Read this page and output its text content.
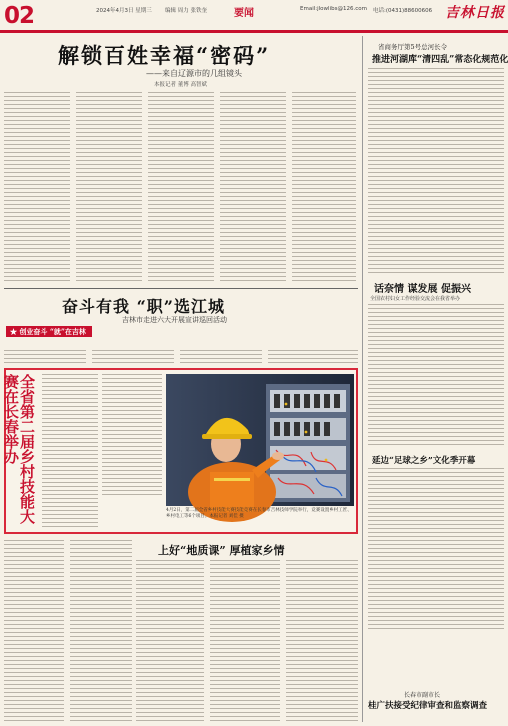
02	2024年4月3日 星期三 编辑 周力 张铁奎	要闻	Email:jlowlibs@126.com 电话:(0431)88600606 吉林日报
解锁百姓幸福“密码”
——来自辽源市的几组镜头
本报记者 董博 高智斌
省商务厅第5号总河长令
推进河湖库“清四乱”常态化规范化
奋斗有我 “职”选江城
吉林市走进六大开展宣讲巡回活动
★ 创业奋斗 “就”在吉林
全省第二届乡村技能大赛在长春举办
4月2日，第二届全省乡村技能大赛技能竞赛在长春市吉林技师学院举行，竞赛设置乡村工匠、乡村电工等6个项目。本报记者 刘佳 摄
上好“地质课” 厚植家乡情
话奈情 谋发展 促振兴
全国农村妇女工作经验交流会在我省举办
延边“足球之乡”文化季开幕
长春市副市长
桂广扶接受纪律审查和监察调查
